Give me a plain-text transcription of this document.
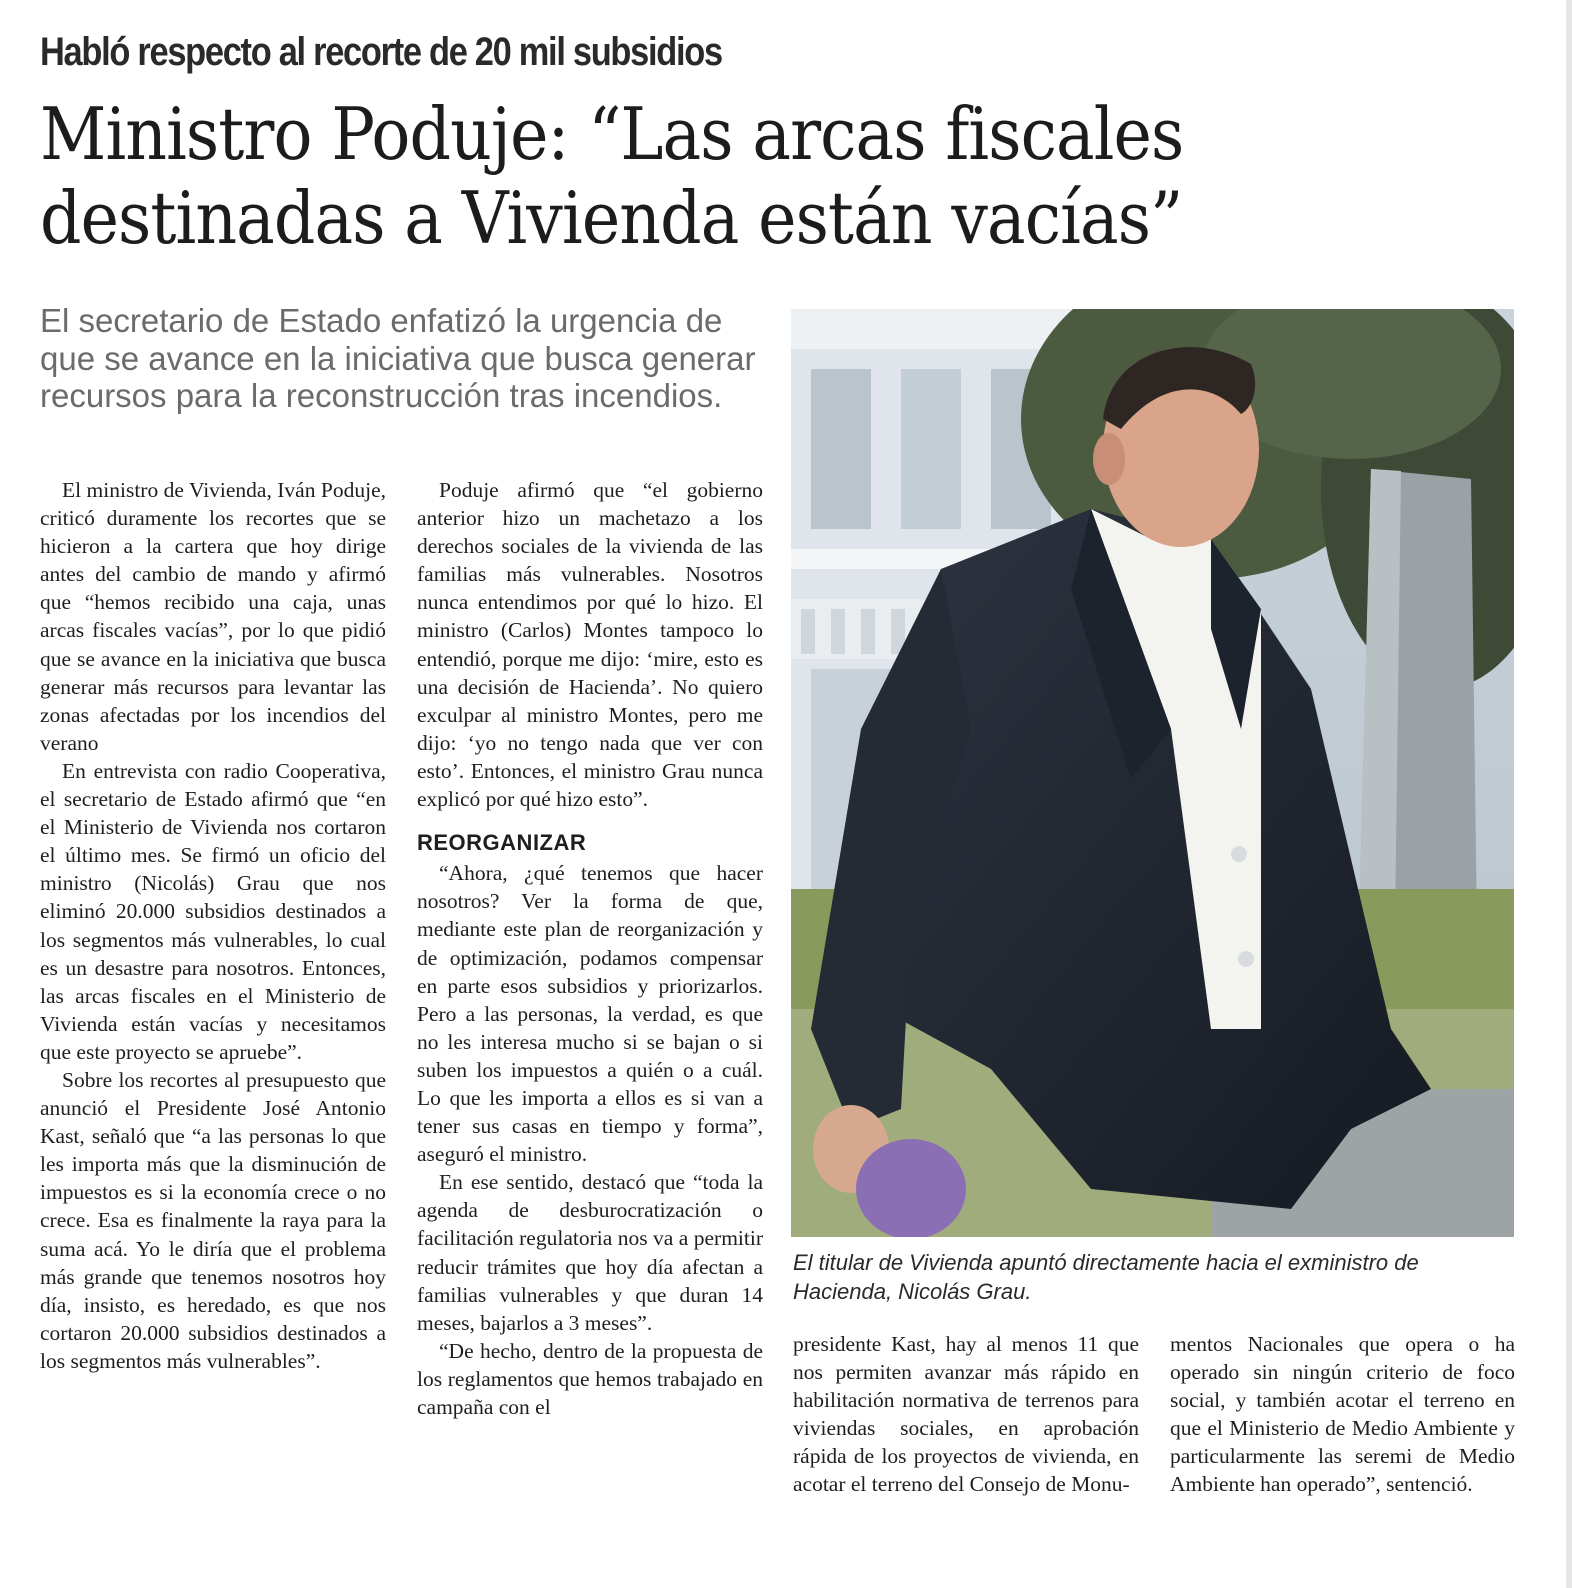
Habló respecto al recorte de 20 mil subsidios
Ministro Poduje: “Las arcas fiscales destinadas a Vivienda están vacías”
El secretario de Estado enfatizó la urgencia de que se avance en la iniciativa que busca generar recursos para la reconstrucción tras incendios.

El ministro de Vivienda, Iván Poduje, criticó duramente los recortes que se hicieron a la cartera que hoy dirige antes del cambio de mando y afirmó que “hemos recibido una caja, unas arcas fiscales vacías”, por lo que pidió que se avance en la iniciativa que busca generar más recursos para levantar las zonas afectadas por los incendios del verano

En entrevista con radio Cooperativa, el secretario de Estado afirmó que “en el Ministerio de Vivienda nos cortaron el último mes. Se firmó un oficio del ministro (Nicolás) Grau que nos eliminó 20.000 subsidios destinados a los segmentos más vulnerables, lo cual es un desastre para nosotros. Entonces, las arcas fiscales en el Ministerio de Vivienda están vacías y necesitamos que este proyecto se apruebe”.

Sobre los recortes al presupuesto que anunció el Presidente José Antonio Kast, señaló que “a las personas lo que les importa más que la disminución de impuestos es si la economía crece o no crece. Esa es finalmente la raya para la suma acá. Yo le diría que el problema más grande que tenemos nosotros hoy día, insisto, es heredado, es que nos cortaron 20.000 subsidios destinados a los segmentos más vulnerables”.

Poduje afirmó que “el gobierno anterior hizo un machetazo a los derechos sociales de la vivienda de las familias más vulnerables. Nosotros nunca entendimos por qué lo hizo. El ministro (Carlos) Montes tampoco lo entendió, porque me dijo: ‘mire, esto es una decisión de Hacienda’. No quiero exculpar al ministro Montes, pero me dijo: ‘yo no tengo nada que ver con esto’. Entonces, el ministro Grau nunca explicó por qué hizo esto”.

REORGANIZAR

“Ahora, ¿qué tenemos que hacer nosotros? Ver la forma de que, mediante este plan de reorganización y de optimización, podamos compensar en parte esos subsidios y priorizarlos. Pero a las personas, la verdad, es que no les interesa mucho si se bajan o si suben los impuestos a quién o a cuál. Lo que les importa a ellos es si van a tener sus casas en tiempo y forma”, aseguró el ministro.

En ese sentido, destacó que “toda la agenda de desburocratización o facilitación regulatoria nos va a permitir reducir trámites que hoy día afectan a familias vulnerables y que duran 14 meses, bajarlos a 3 meses”.

“De hecho, dentro de la propuesta de los reglamentos que hemos trabajado en campaña con el

El titular de Vivienda apuntó directamente hacia el exministro de Hacienda, Nicolás Grau.

presidente Kast, hay al menos 11 que nos permiten avanzar más rápido en habilitación normativa de terrenos para viviendas sociales, en aprobación rápida de los proyectos de vivienda, en acotar el terreno del Consejo de Monu-

mentos Nacionales que opera o ha operado sin ningún criterio de foco social, y también acotar el terreno en que el Ministerio de Medio Ambiente y particularmente las seremi de Medio Ambiente han operado”, sentenció.
